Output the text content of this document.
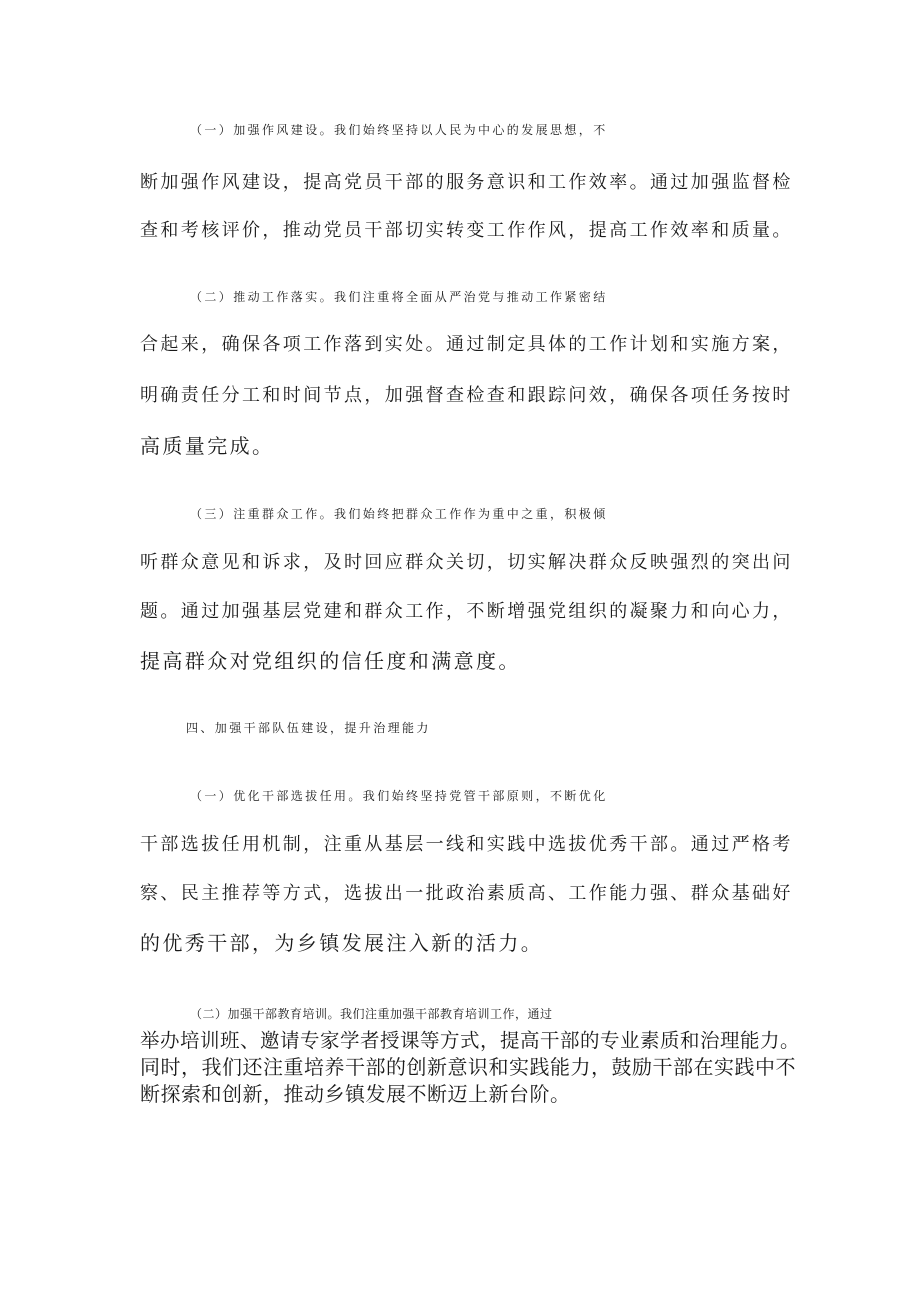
（一）加强作风建设。我们始终坚持以人民为中心的发展思想，不
断加强作风建设，提高党员干部的服务意识和工作效率。通过加强监督检
查和考核评价，推动党员干部切实转变工作作风，提高工作效率和质量。
（二）推动工作落实。我们注重将全面从严治党与推动工作紧密结
合起来，确保各项工作落到实处。通过制定具体的工作计划和实施方案，
明确责任分工和时间节点，加强督查检查和跟踪问效，确保各项任务按时
高质量完成。
（三）注重群众工作。我们始终把群众工作作为重中之重，积极倾
听群众意见和诉求，及时回应群众关切，切实解决群众反映强烈的突出问
题。通过加强基层党建和群众工作，不断增强党组织的凝聚力和向心力，
提高群众对党组织的信任度和满意度。
四、加强干部队伍建设，提升治理能力
（一）优化干部选拔任用。我们始终坚持党管干部原则，不断优化
干部选拔任用机制，注重从基层一线和实践中选拔优秀干部。通过严格考
察、民主推荐等方式，选拔出一批政治素质高、工作能力强、群众基础好
的优秀干部，为乡镇发展注入新的活力。
（二）加强干部教育培训。我们注重加强干部教育培训工作，通过
举办培训班、邀请专家学者授课等方式，提高干部的专业素质和治理能力。
同时，我们还注重培养干部的创新意识和实践能力，鼓励干部在实践中不
断探索和创新，推动乡镇发展不断迈上新台阶。
